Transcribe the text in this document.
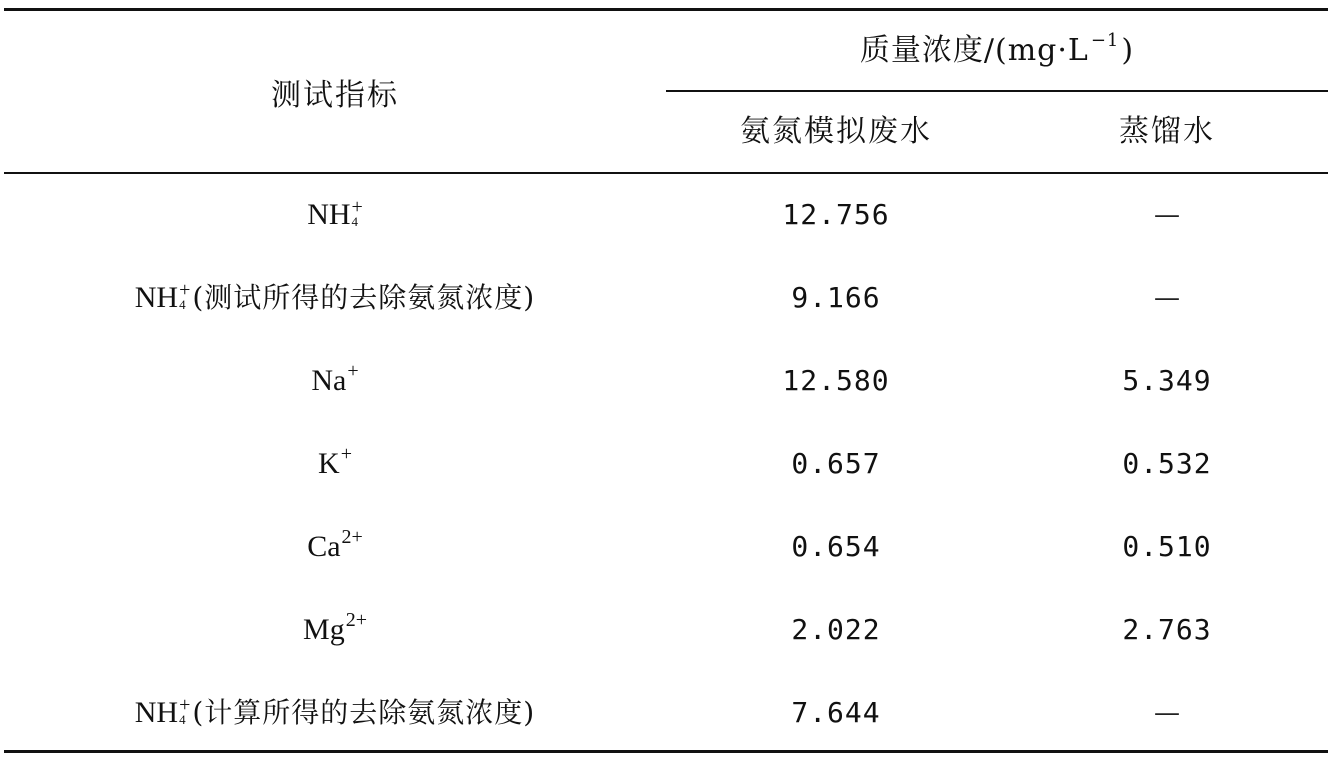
测试指标
质量浓度$/(mg\cdot L^{-1}$ )
氨氮模拟废水	蒸馏水
NH +
4	12.756	—
NH +
4 (测试所得的去除氨氮浓度)	9.166	—
Na +	12.580	5.349
K +	0.657	0.532
Ca 2+	0.654	0.510
Mg 2+	2.022	2.763
NH +
4 (计算所得的去除氨氮浓度)	7.644	—
